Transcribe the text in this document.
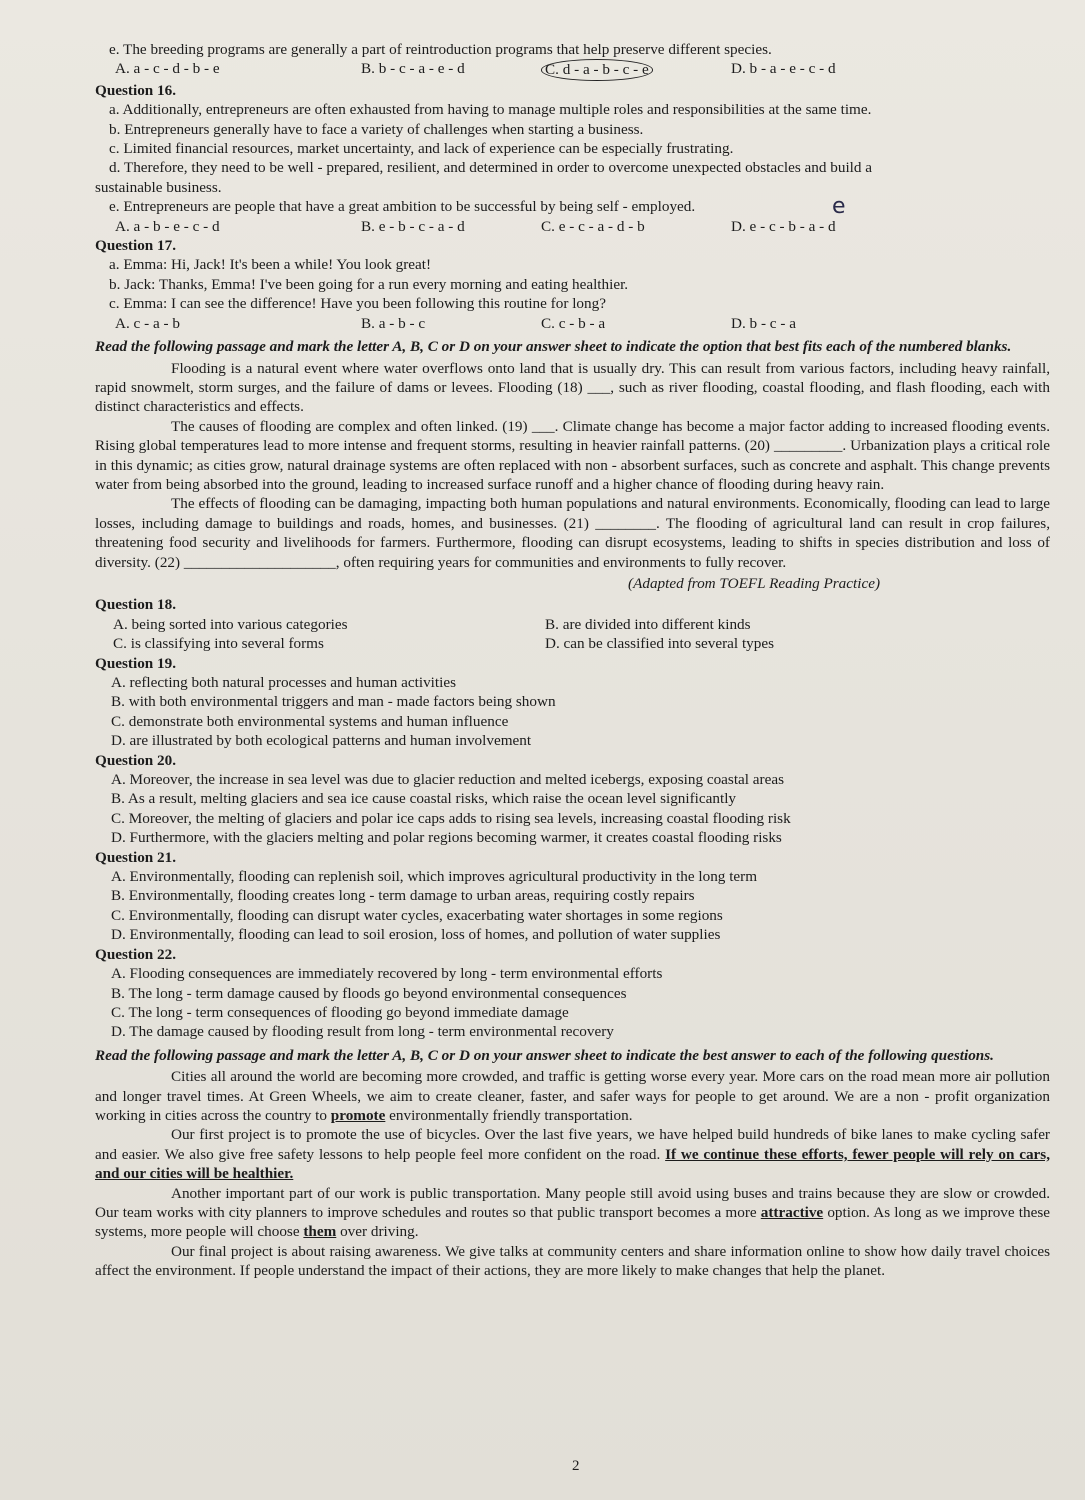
e. The breeding programs are generally a part of reintroduction programs that help preserve different species.

A. a - c - d - b - e	B. b - c - a - e - d	C. d - a - b - c - e	D. b - a - e - c - d

Question 16.

a. Additionally, entrepreneurs are often exhausted from having to manage multiple roles and responsibilities at the same time.

b. Entrepreneurs generally have to face a variety of challenges when starting a business.

c. Limited financial resources, market uncertainty, and lack of experience can be especially frustrating.

d. Therefore, they need to be well - prepared, resilient, and determined in order to overcome unexpected obstacles and build a

sustainable business.

e. Entrepreneurs are people that have a great ambition to be successful by being self - employed.

A. a - b - e - c - d	B. e - b - c - a - d	C. e - c - a - d - b	D. e - c - b - a - d

Question 17.

a. Emma: Hi, Jack! It's been a while! You look great!

b. Jack: Thanks, Emma! I've been going for a run every morning and eating healthier.

c. Emma: I can see the difference! Have you been following this routine for long?

A. c - a - b	B. a - b - c	C. c - b - a	D. b - c - a

Read the following passage and mark the letter A, B, C or D on your answer sheet to indicate the option that best fits each of the numbered blanks.

Flooding is a natural event where water overflows onto land that is usually dry. This can result from various factors, including heavy rainfall, rapid snowmelt, storm surges, and the failure of dams or levees. Flooding (18) ___, such as river flooding, coastal flooding, and flash flooding, each with distinct characteristics and effects.

The causes of flooding are complex and often linked. (19) ___. Climate change has become a major factor adding to increased flooding events. Rising global temperatures lead to more intense and frequent storms, resulting in heavier rainfall patterns. (20) _________. Urbanization plays a critical role in this dynamic; as cities grow, natural drainage systems are often replaced with non - absorbent surfaces, such as concrete and asphalt. This change prevents water from being absorbed into the ground, leading to increased surface runoff and a higher chance of flooding during heavy rain.

The effects of flooding can be damaging, impacting both human populations and natural environments. Economically, flooding can lead to large losses, including damage to buildings and roads, homes, and businesses. (21) ________. The flooding of agricultural land can result in crop failures, threatening food security and livelihoods for farmers. Furthermore, flooding can disrupt ecosystems, leading to shifts in species distribution and loss of diversity. (22) ____________________, often requiring years for communities and environments to fully recover.

(Adapted from TOEFL Reading Practice)

Question 18.

A. being sorted into various categories	B. are divided into different kinds
C. is classifying into several forms	D. can be classified into several types

Question 19.

A. reflecting both natural processes and human activities

B. with both environmental triggers and man - made factors being shown

C. demonstrate both environmental systems and human influence

D. are illustrated by both ecological patterns and human involvement

Question 20.

A. Moreover, the increase in sea level was due to glacier reduction and melted icebergs, exposing coastal areas

B. As a result, melting glaciers and sea ice cause coastal risks, which raise the ocean level significantly

C. Moreover, the melting of glaciers and polar ice caps adds to rising sea levels, increasing coastal flooding risk

D. Furthermore, with the glaciers melting and polar regions becoming warmer, it creates coastal flooding risks

Question 21.

A. Environmentally, flooding can replenish soil, which improves agricultural productivity in the long term

B. Environmentally, flooding creates long - term damage to urban areas, requiring costly repairs

C. Environmentally, flooding can disrupt water cycles, exacerbating water shortages in some regions

D. Environmentally, flooding can lead to soil erosion, loss of homes, and pollution of water supplies

Question 22.

A. Flooding consequences are immediately recovered by long - term environmental efforts

B. The long - term damage caused by floods go beyond environmental consequences

C. The long - term consequences of flooding go beyond immediate damage

D. The damage caused by flooding result from long - term environmental recovery

Read the following passage and mark the letter A, B, C or D on your answer sheet to indicate the best answer to each of the following questions.

Cities all around the world are becoming more crowded, and traffic is getting worse every year. More cars on the road mean more air pollution and longer travel times. At Green Wheels, we aim to create cleaner, faster, and safer ways for people to get around. We are a non - profit organization working in cities across the country to promote environmentally friendly transportation.

Our first project is to promote the use of bicycles. Over the last five years, we have helped build hundreds of bike lanes to make cycling safer and easier. We also give free safety lessons to help people feel more confident on the road. If we continue these efforts, fewer people will rely on cars, and our cities will be healthier.

Another important part of our work is public transportation. Many people still avoid using buses and trains because they are slow or crowded. Our team works with city planners to improve schedules and routes so that public transport becomes a more attractive option. As long as we improve these systems, more people will choose them over driving.

Our final project is about raising awareness. We give talks at community centers and share information online to show how daily travel choices affect the environment. If people understand the impact of their actions, they are more likely to make changes that help the planet.

e
2
